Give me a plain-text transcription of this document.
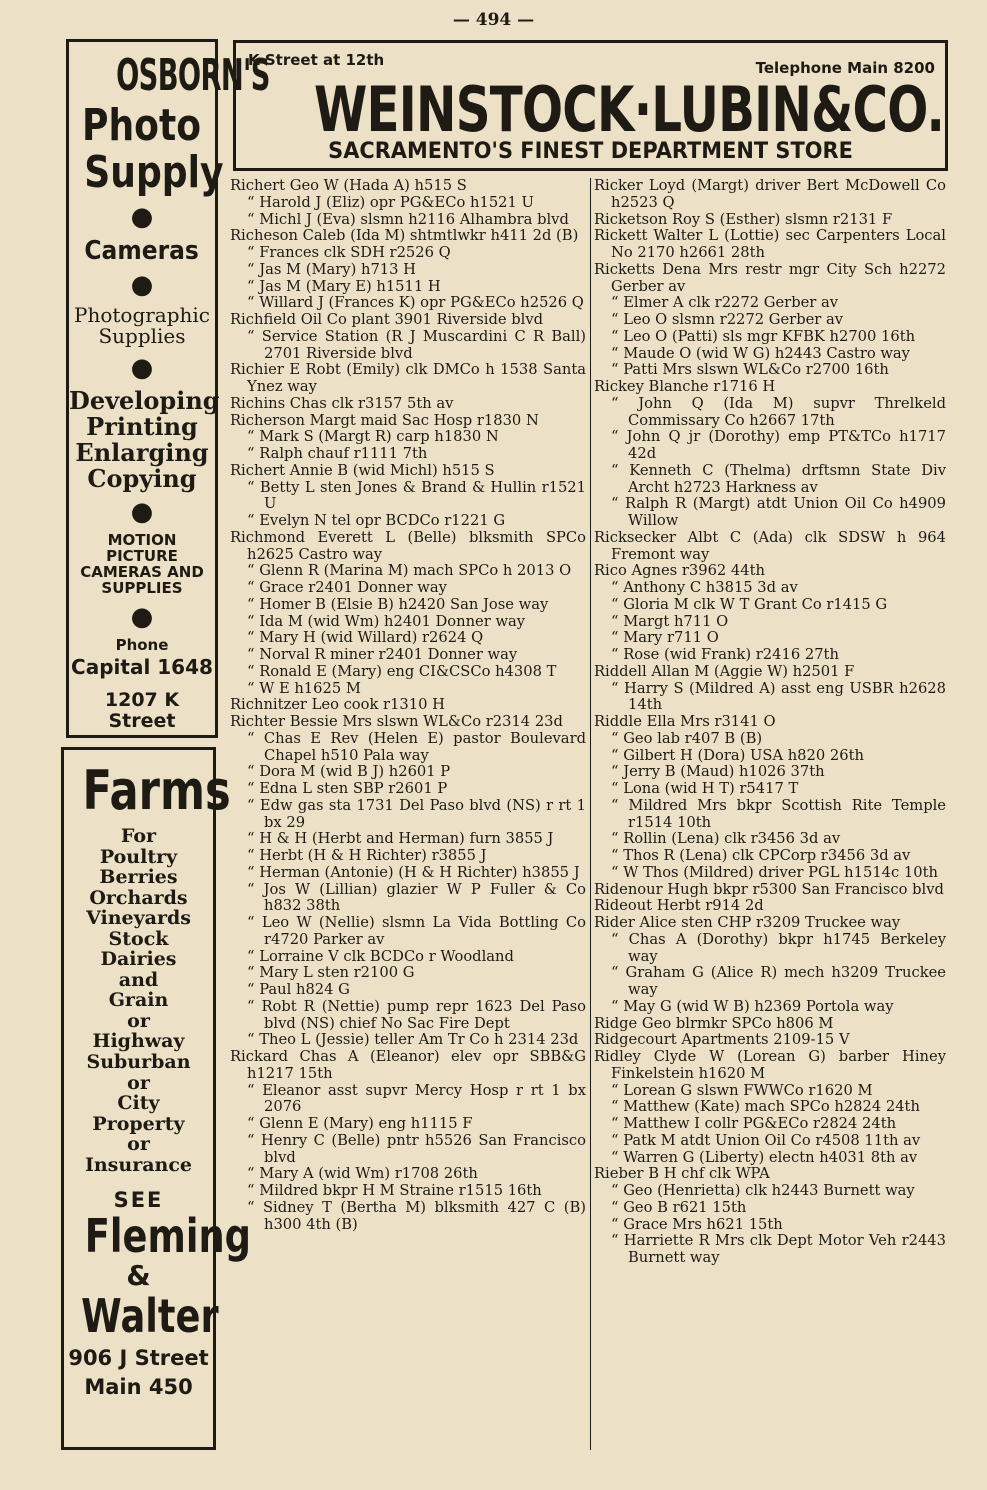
— 494 —
OSBORN'S
Photo
Supply
●
Cameras
●
Photographic
Supplies
●
Developing
Printing
Enlarging
Copying
●
MOTION
PICTURE
CAMERAS AND
SUPPLIES
●
Phone
Capital 1648
1207 K Street
Farms
For
Poultry
Berries
Orchards
Vineyards
Stock
Dairies
and
Grain
or
Highway
Suburban
or
City
Property
or
Insurance
SEE
Fleming
&
Walter
906 J Street
Main 450
K Street at 12th	Telephone Main 8200
WEINSTOCK·LUBIN&CO.
SACRAMENTO'S FINEST DEPARTMENT STORE
Richert Geo W (Hada A) h515 S
“ Harold J (Eliz) opr PG&ECo h1521 U
“ Michl J (Eva) slsmn h2116 Alhambra blvd
Richeson Caleb (Ida M) shtmtlwkr h411 2d (B)
“ Frances clk SDH r2526 Q
“ Jas M (Mary) h713 H
“ Jas M (Mary E) h1511 H
“ Willard J (Frances K) opr PG&ECo h2526 Q
Richfield Oil Co plant 3901 Riverside blvd
“ Service Station (R J Muscardini C R Ball) 2701 Riverside blvd
Richier E Robt (Emily) clk DMCo h 1538 Santa Ynez way
Richins Chas clk r3157 5th av
Richerson Margt maid Sac Hosp r1830 N
“ Mark S (Margt R) carp h1830 N
“ Ralph chauf r1111 7th
Richert Annie B (wid Michl) h515 S
“ Betty L sten Jones & Brand & Hullin r1521 U
“ Evelyn N tel opr BCDCo r1221 G
Richmond Everett L (Belle) blksmith SPCo h2625 Castro way
“ Glenn R (Marina M) mach SPCo h 2013 O
“ Grace r2401 Donner way
“ Homer B (Elsie B) h2420 San Jose way
“ Ida M (wid Wm) h2401 Donner way
“ Mary H (wid Willard) r2624 Q
“ Norval R miner r2401 Donner way
“ Ronald E (Mary) eng CI&CSCo h4308 T
“ W E h1625 M
Richnitzer Leo cook r1310 H
Richter Bessie Mrs slswn WL&Co r2314 23d
“ Chas E Rev (Helen E) pastor Boulevard Chapel h510 Pala way
“ Dora M (wid B J) h2601 P
“ Edna L sten SBP r2601 P
“ Edw gas sta 1731 Del Paso blvd (NS) r rt 1 bx 29
“ H & H (Herbt and Herman) furn 3855 J
“ Herbt (H & H Richter) r3855 J
“ Herman (Antonie) (H & H Richter) h3855 J
“ Jos W (Lillian) glazier W P Fuller & Co h832 38th
“ Leo W (Nellie) slsmn La Vida Bottling Co r4720 Parker av
“ Lorraine V clk BCDCo r Woodland
“ Mary L sten r2100 G
“ Paul h824 G
“ Robt R (Nettie) pump repr 1623 Del Paso blvd (NS) chief No Sac Fire Dept
“ Theo L (Jessie) teller Am Tr Co h 2314 23d
Rickard Chas A (Eleanor) elev opr SBB&G h1217 15th
“ Eleanor asst supvr Mercy Hosp r rt 1 bx 2076
“ Glenn E (Mary) eng h1115 F
“ Henry C (Belle) pntr h5526 San Francisco blvd
“ Mary A (wid Wm) r1708 26th
“ Mildred bkpr H M Straine r1515 16th
“ Sidney T (Bertha M) blksmith 427 C (B) h300 4th (B)
Ricker Loyd (Margt) driver Bert McDowell Co h2523 Q
Ricketson Roy S (Esther) slsmn r2131 F
Rickett Walter L (Lottie) sec Carpenters Local No 2170 h2661 28th
Ricketts Dena Mrs restr mgr City Sch h2272 Gerber av
“ Elmer A clk r2272 Gerber av
“ Leo O slsmn r2272 Gerber av
“ Leo O (Patti) sls mgr KFBK h2700 16th
“ Maude O (wid W G) h2443 Castro way
“ Patti Mrs slswn WL&Co r2700 16th
Rickey Blanche r1716 H
“ John Q (Ida M) supvr Threlkeld Commissary Co h2667 17th
“ John Q jr (Dorothy) emp PT&TCo h1717 42d
“ Kenneth C (Thelma) drftsmn State Div Archt h2723 Harkness av
“ Ralph R (Margt) atdt Union Oil Co h4909 Willow
Ricksecker Albt C (Ada) clk SDSW h 964 Fremont way
Rico Agnes r3962 44th
“ Anthony C h3815 3d av
“ Gloria M clk W T Grant Co r1415 G
“ Margt h711 O
“ Mary r711 O
“ Rose (wid Frank) r2416 27th
Riddell Allan M (Aggie W) h2501 F
“ Harry S (Mildred A) asst eng USBR h2628 14th
Riddle Ella Mrs r3141 O
“ Geo lab r407 B (B)
“ Gilbert H (Dora) USA h820 26th
“ Jerry B (Maud) h1026 37th
“ Lona (wid H T) r5417 T
“ Mildred Mrs bkpr Scottish Rite Temple r1514 10th
“ Rollin (Lena) clk r3456 3d av
“ Thos R (Lena) clk CPCorp r3456 3d av
“ W Thos (Mildred) driver PGL h1514c 10th
Ridenour Hugh bkpr r5300 San Francisco blvd
Rideout Herbt r914 2d
Rider Alice sten CHP r3209 Truckee way
“ Chas A (Dorothy) bkpr h1745 Berkeley way
“ Graham G (Alice R) mech h3209 Truckee way
“ May G (wid W B) h2369 Portola way
Ridge Geo blrmkr SPCo h806 M
Ridgecourt Apartments 2109-15 V
Ridley Clyde W (Lorean G) barber Hiney Finkelstein h1620 M
“ Lorean G slswn FWWCo r1620 M
“ Matthew (Kate) mach SPCo h2824 24th
“ Matthew I collr PG&ECo r2824 24th
“ Patk M atdt Union Oil Co r4508 11th av
“ Warren G (Liberty) electn h4031 8th av
Rieber B H chf clk WPA
“ Geo (Henrietta) clk h2443 Burnett way
“ Geo B r621 15th
“ Grace Mrs h621 15th
“ Harriette R Mrs clk Dept Motor Veh r2443 Burnett way
